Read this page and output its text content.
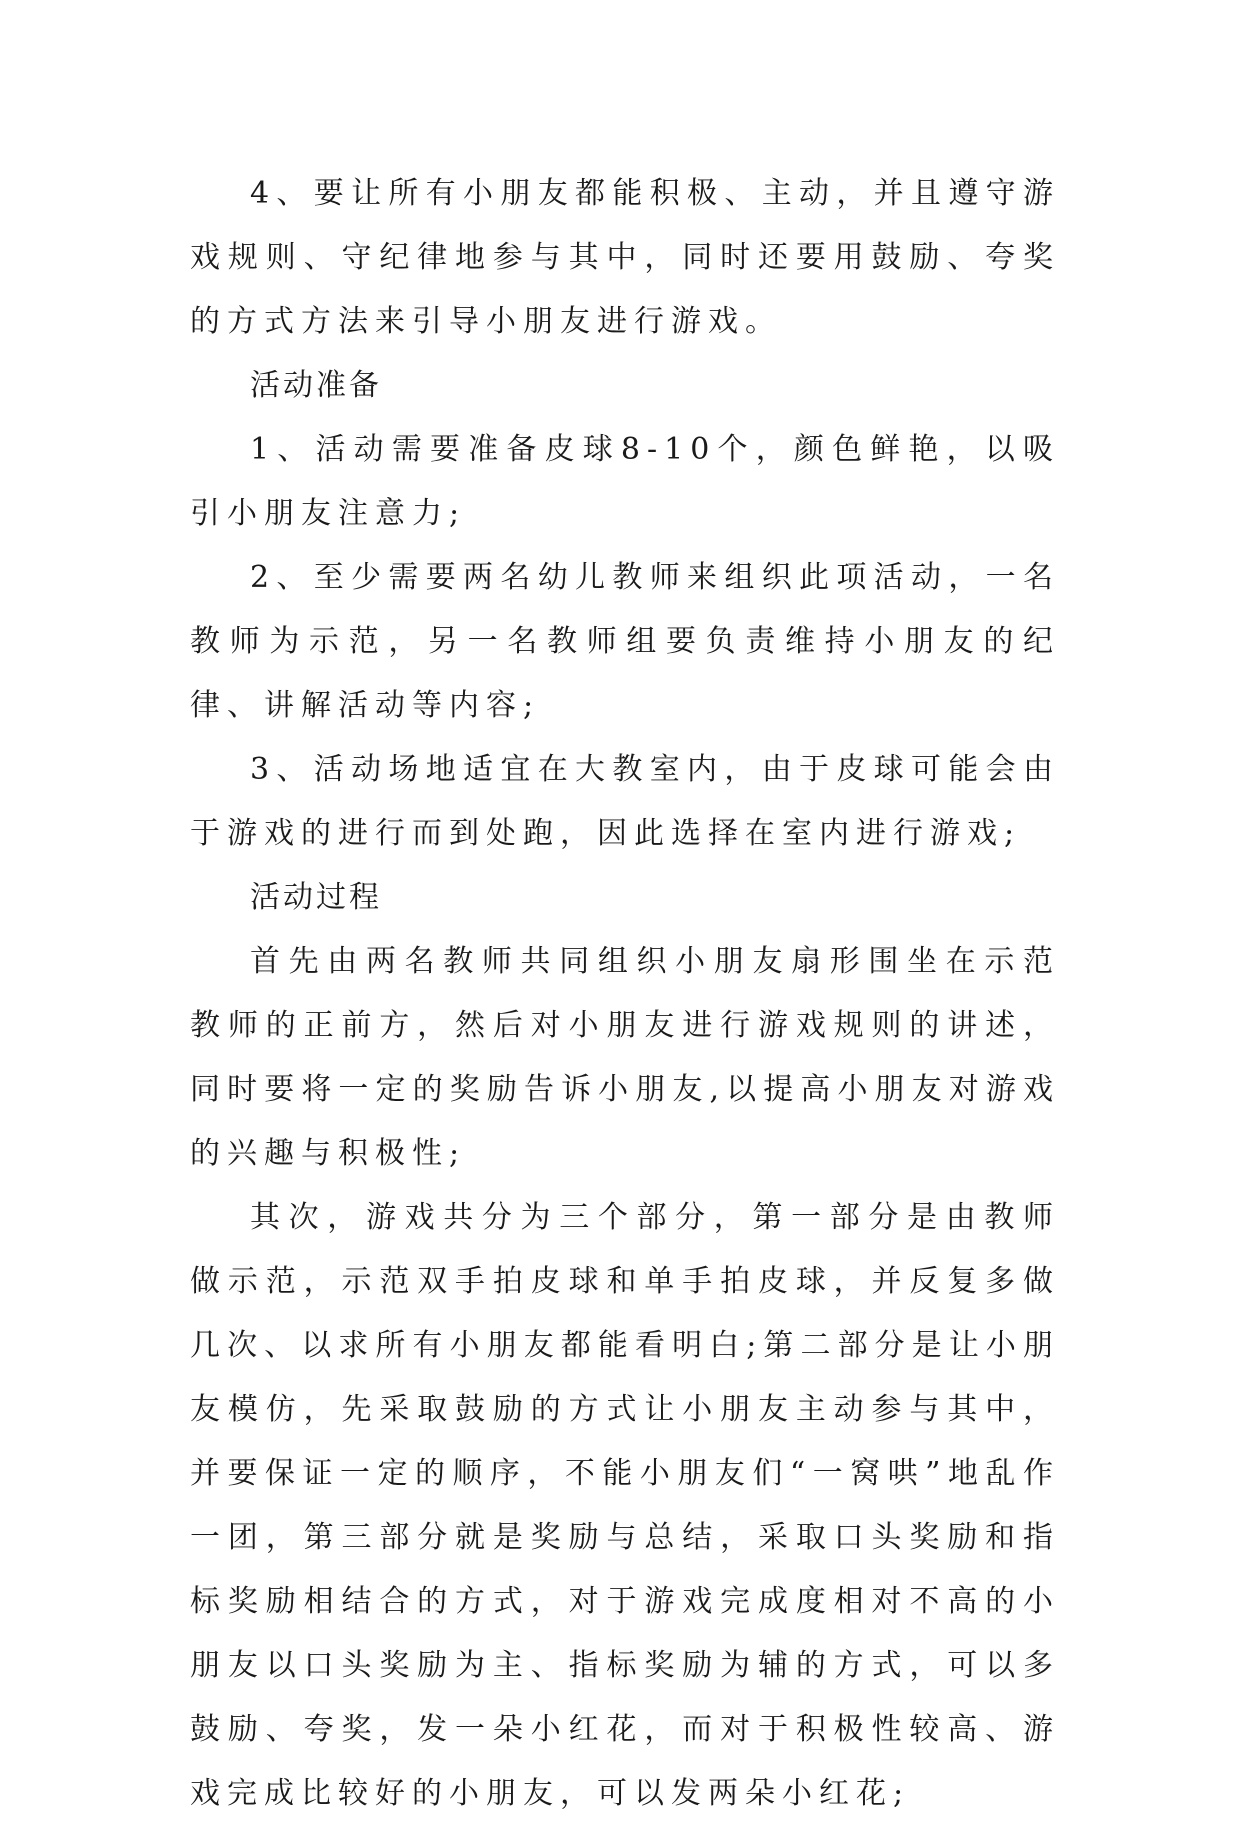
4、要让所有小朋友都能积极、主动，并且遵守游戏规则、守纪律地参与其中，同时还要用鼓励、夸奖的方式方法来引导小朋友进行游戏。

活动准备

1、活动需要准备皮球8-10个，颜色鲜艳，以吸引小朋友注意力;

2、至少需要两名幼儿教师来组织此项活动，一名教师为示范，另一名教师组要负责维持小朋友的纪律、讲解活动等内容;

3、活动场地适宜在大教室内，由于皮球可能会由于游戏的进行而到处跑，因此选择在室内进行游戏;

活动过程

首先由两名教师共同组织小朋友扇形围坐在示范教师的正前方，然后对小朋友进行游戏规则的讲述，同时要将一定的奖励告诉小朋友,以提高小朋友对游戏的兴趣与积极性;

其次，游戏共分为三个部分，第一部分是由教师做示范，示范双手拍皮球和单手拍皮球，并反复多做几次、以求所有小朋友都能看明白;第二部分是让小朋友模仿，先采取鼓励的方式让小朋友主动参与其中，并要保证一定的顺序，不能小朋友们“一窝哄”地乱作一团，第三部分就是奖励与总结，采取口头奖励和指标奖励相结合的方式，对于游戏完成度相对不高的小朋友以口头奖励为主、指标奖励为辅的方式，可以多鼓励、夸奖，发一朵小红花，而对于积极性较高、游戏完成比较好的小朋友，可以发两朵小红花;
